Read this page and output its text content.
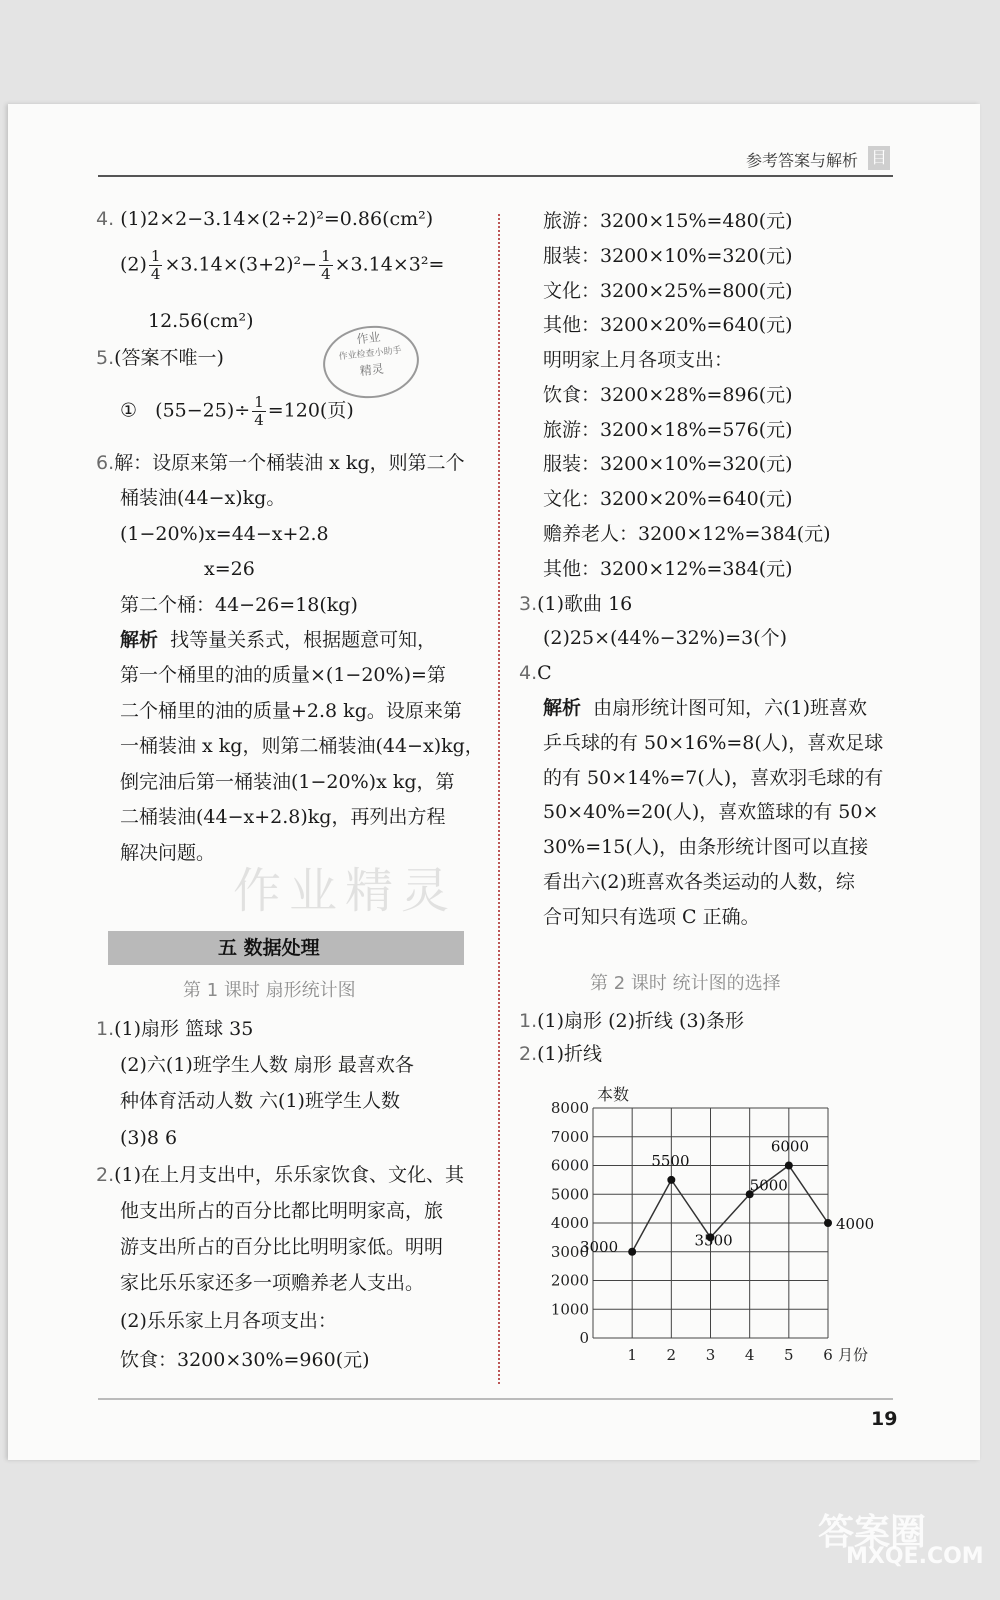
参考答案与解析 目
4. (1)2×2−3.14×(2÷2)²=0.86(cm²)
$(2) \frac{1}{4} \times 3.14\times(3+2)^2- \frac{1}{4} \times 3.14\times 3^2=$
12.56(cm²)
作业
作业检查小助手
精灵
5.(答案不唯一)
① $(55-25)\div \frac{1}{4} =120$(页)
6.解：设原来第一个桶装油 x kg，则第二个
桶装油(44−x)kg。
(1−20%)x=44−x+2.8
x=26
第二个桶：44−26=18(kg)
解析 找等量关系式，根据题意可知，
第一个桶里的油的质量×(1−20%)=第
二个桶里的油的质量+2.8 kg。设原来第
一桶装油 x kg，则第二桶装油(44−x)kg，
倒完油后第一桶装油(1−20%)x kg，第
二桶装油(44−x+2.8)kg，再列出方程
解决问题。
作业精灵
五 数据处理
第 1 课时 扇形统计图
1.(1)扇形 篮球 35
(2)六(1)班学生人数 扇形 最喜欢各
种体育活动人数 六(1)班学生人数
(3)8 6
2.(1)在上月支出中，乐乐家饮食、文化、其
他支出所占的百分比都比明明家高，旅
游支出所占的百分比比明明家低。明明
家比乐乐家还多一项赡养老人支出。
(2)乐乐家上月各项支出：
饮食：3200×30%=960(元)
旅游：3200×15%=480(元)
服装：3200×10%=320(元)
文化：3200×25%=800(元)
其他：3200×20%=640(元)
明明家上月各项支出：
饮食：3200×28%=896(元)
旅游：3200×18%=576(元)
服装：3200×10%=320(元)
文化：3200×20%=640(元)
赡养老人：3200×12%=384(元)
其他：3200×12%=384(元)
3.(1)歌曲 16
(2)25×(44%−32%)=3(个)
4.C
解析 由扇形统计图可知，六(1)班喜欢
乒乓球的有 50×16%=8(人)，喜欢足球
的有 50×14%=7(人)，喜欢羽毛球的有
50×40%=20(人)，喜欢篮球的有 50×
30%=15(人)，由条形统计图可以直接
看出六(2)班喜欢各类运动的人数，综
合可知只有选项 C 正确。
第 2 课时 统计图的选择
1.(1)扇形 (2)折线 (3)条形
2.(1)折线
0
1000
2000
3000
4000
5000
6000
7000
8000
1 2 3 4 5 6
本数
月份
3000
5500
3500
5000
6000
4000
19
答案圈
MXQE.COM
